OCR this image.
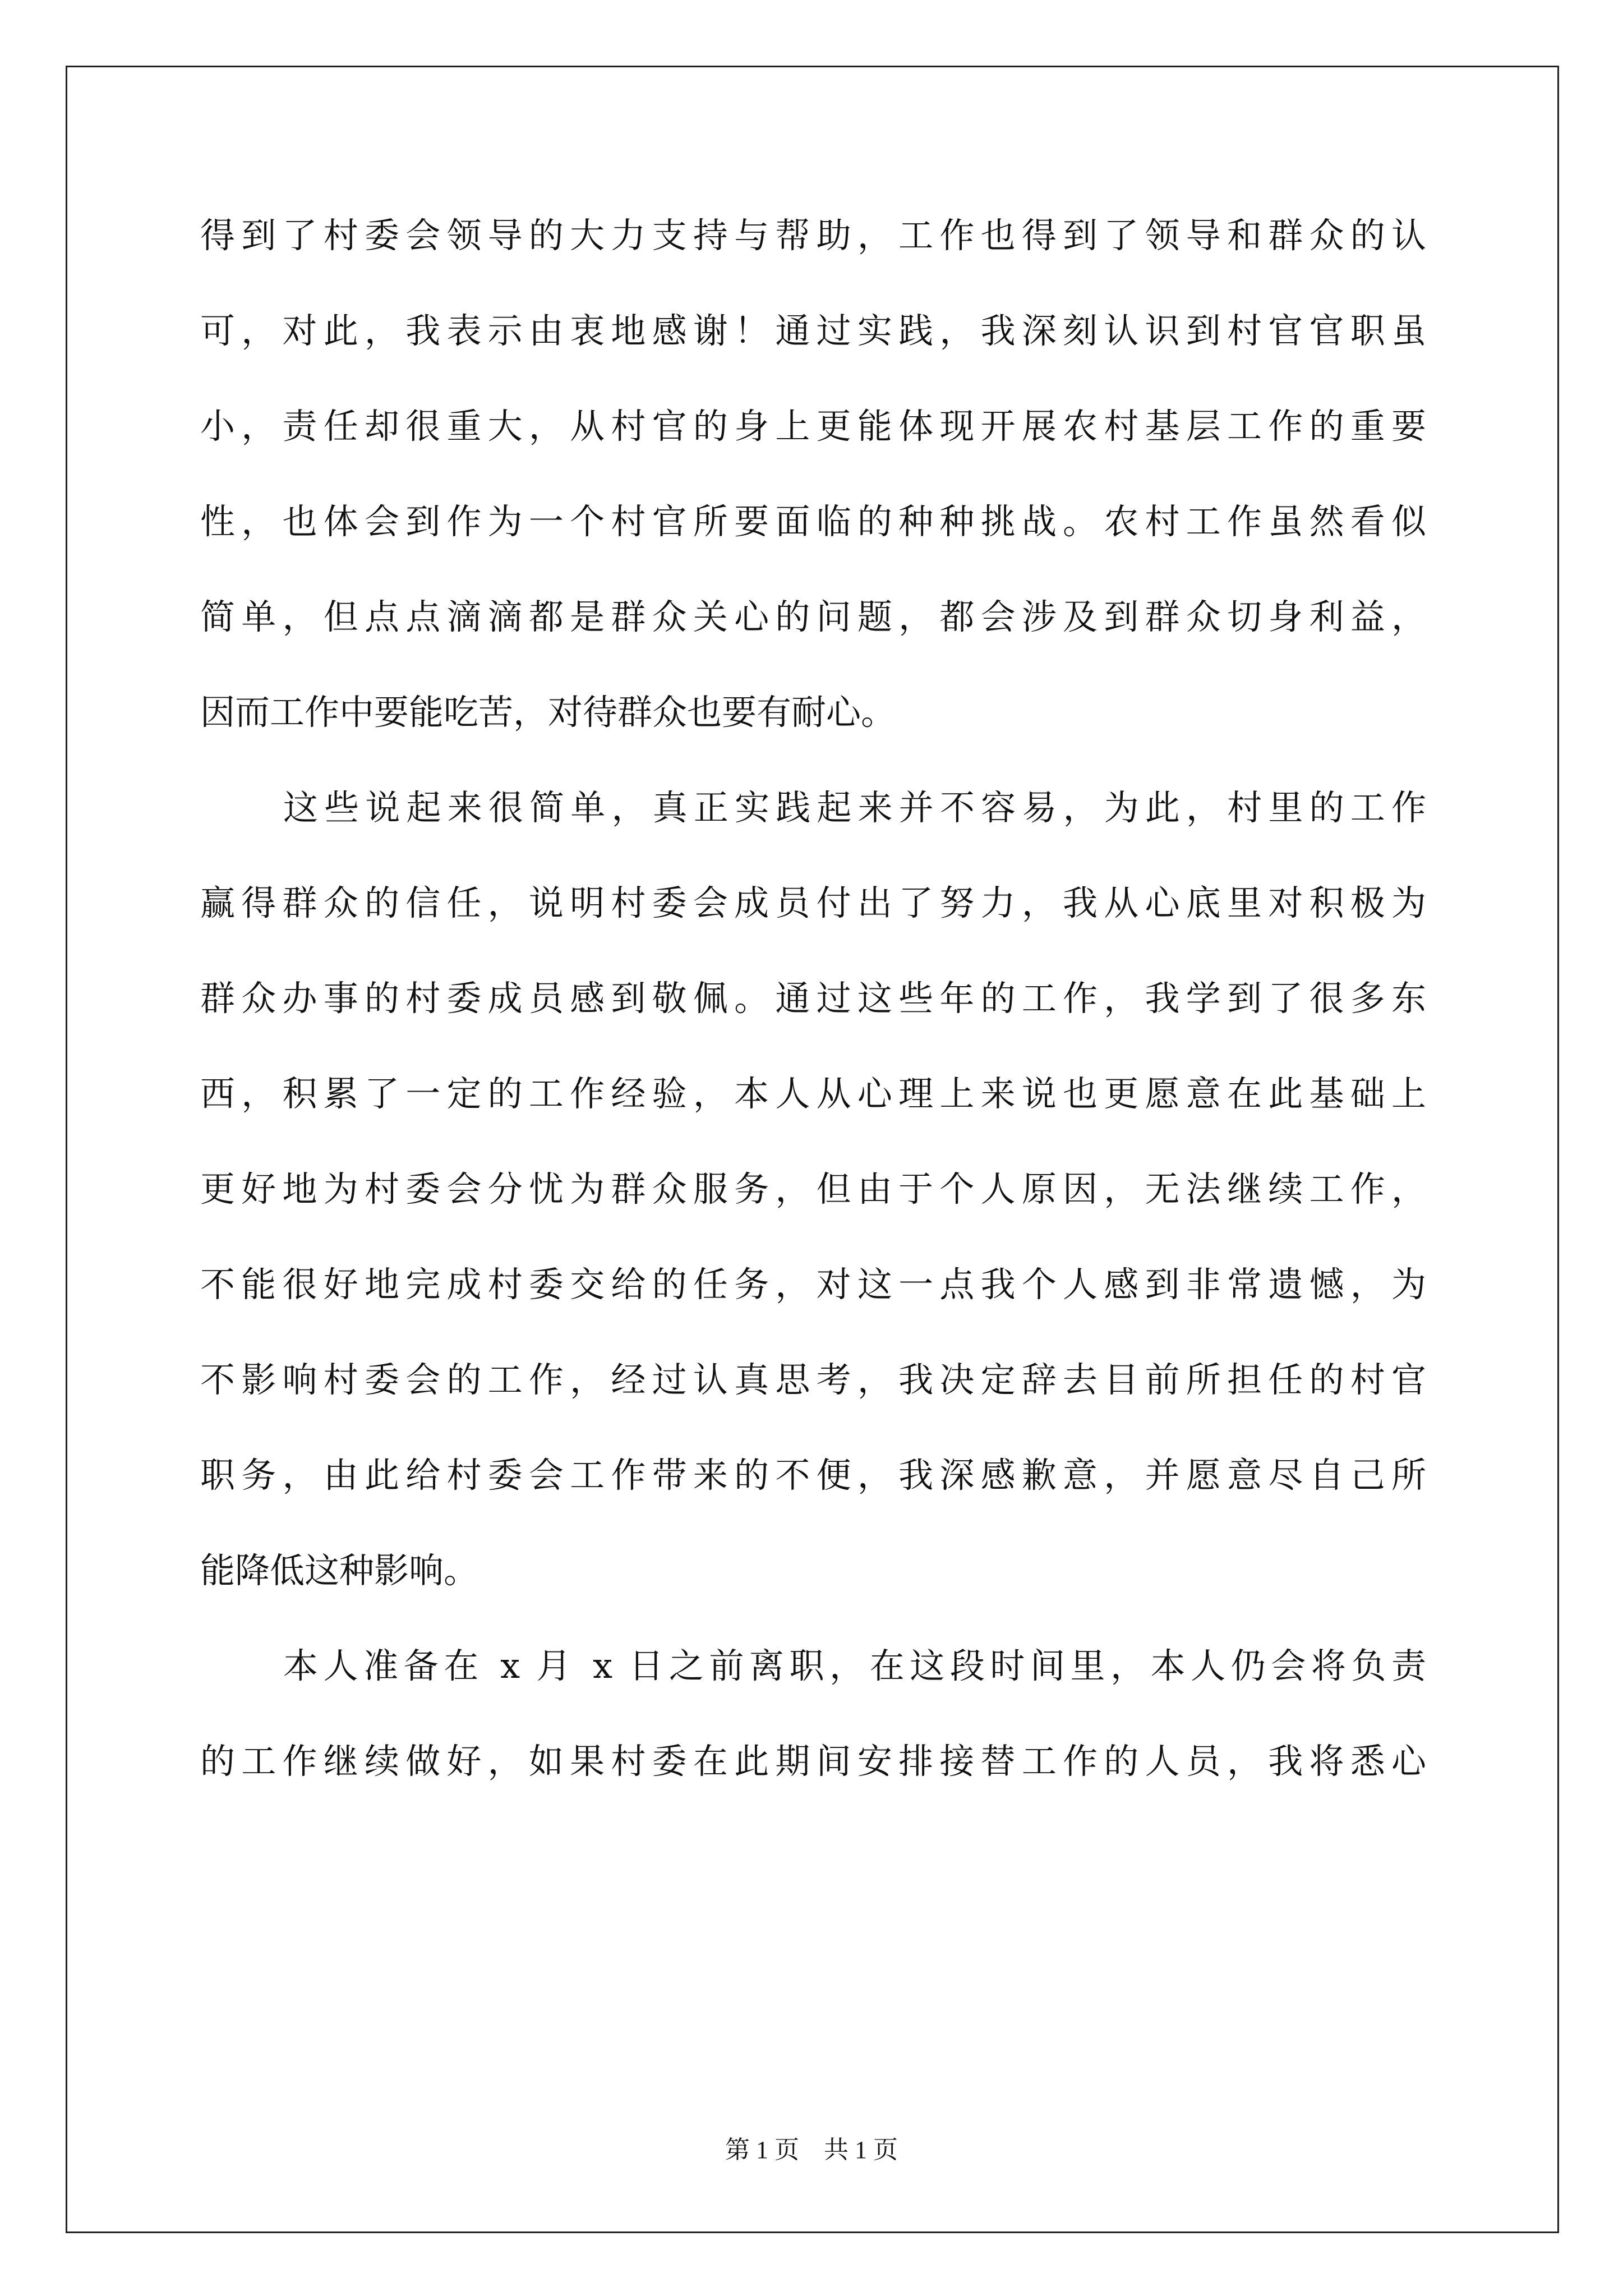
得到了村委会领导的大力支持与帮助，工作也得到了领导和群众的认
可，对此，我表示由衷地感谢！通过实践，我深刻认识到村官官职虽
小，责任却很重大，从村官的身上更能体现开展农村基层工作的重要
性，也体会到作为一个村官所要面临的种种挑战。农村工作虽然看似
简单，但点点滴滴都是群众关心的问题，都会涉及到群众切身利益，
因而工作中要能吃苦，对待群众也要有耐心。
这些说起来很简单，真正实践起来并不容易，为此，村里的工作
赢得群众的信任，说明村委会成员付出了努力，我从心底里对积极为
群众办事的村委成员感到敬佩。通过这些年的工作，我学到了很多东
西，积累了一定的工作经验，本人从心理上来说也更愿意在此基础上
更好地为村委会分忧为群众服务，但由于个人原因，无法继续工作，
不能很好地完成村委交给的任务，对这一点我个人感到非常遗憾，为
不影响村委会的工作，经过认真思考，我决定辞去目前所担任的村官
职务，由此给村委会工作带来的不便，我深感歉意，并愿意尽自己所
能降低这种影响。
本人准备在 x 月 x 日之前离职，在这段时间里，本人仍会将负责
的工作继续做好，如果村委在此期间安排接替工作的人员，我将悉心
第 1 页　共 1 页
